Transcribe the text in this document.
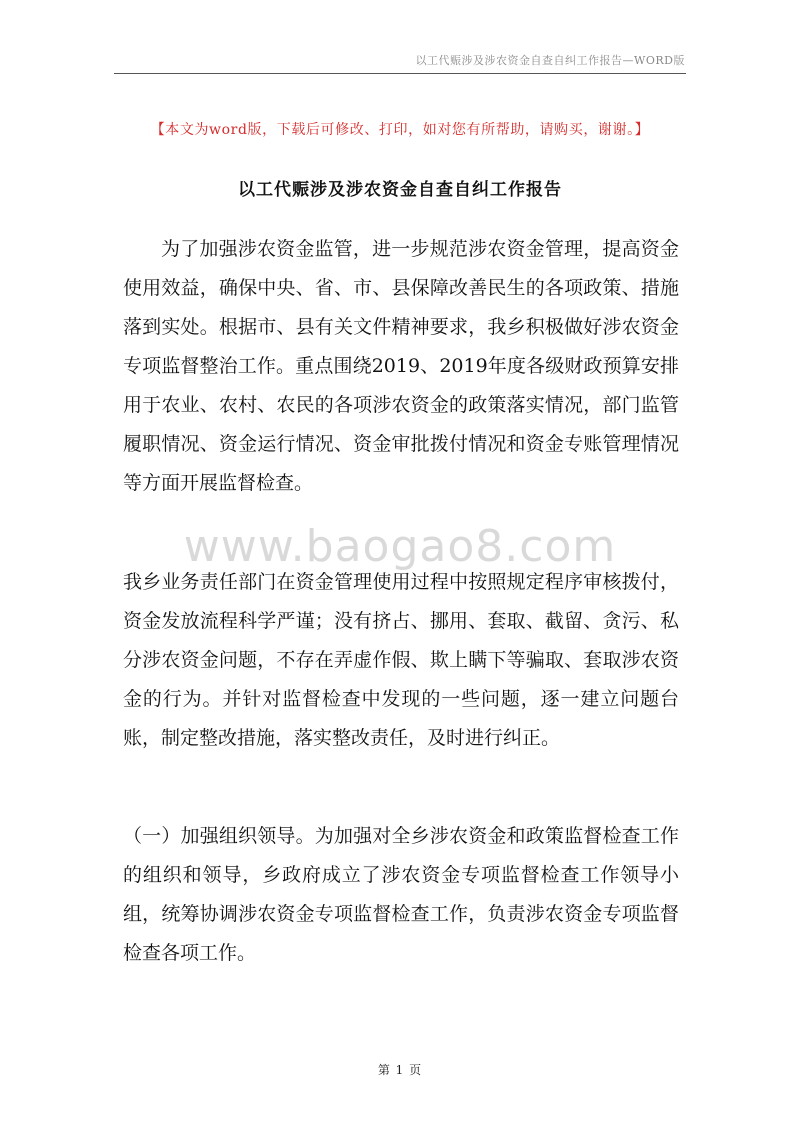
以工代赈涉及涉农资金自查自纠工作报告—WORD版
【本文为word版，下载后可修改、打印，如对您有所帮助，请购买，谢谢。】
以工代赈涉及涉农资金自查自纠工作报告

为了加强涉农资金监管，进一步规范涉农资金管理，提高资金使用效益，确保中央、省、市、县保障改善民生的各项政策、措施落到实处。根据市、县有关文件精神要求，我乡积极做好涉农资金专项监督整治工作。重点围绕2019、2019年度各级财政预算安排用于农业、农村、农民的各项涉农资金的政策落实情况，部门监管履职情况、资金运行情况、资金审批拨付情况和资金专账管理情况等方面开展监督检查。

www.baogao8.com

我乡业务责任部门在资金管理使用过程中按照规定程序审核拨付，资金发放流程科学严谨；没有挤占、挪用、套取、截留、贪污、私分涉农资金问题，不存在弄虚作假、欺上瞒下等骗取、套取涉农资金的行为。并针对监督检查中发现的一些问题，逐一建立问题台账，制定整改措施，落实整改责任，及时进行纠正。

（一）加强组织领导。为加强对全乡涉农资金和政策监督检查工作的组织和领导，乡政府成立了涉农资金专项监督检查工作领导小组，统筹协调涉农资金专项监督检查工作，负责涉农资金专项监督检查各项工作。

第 1 页
